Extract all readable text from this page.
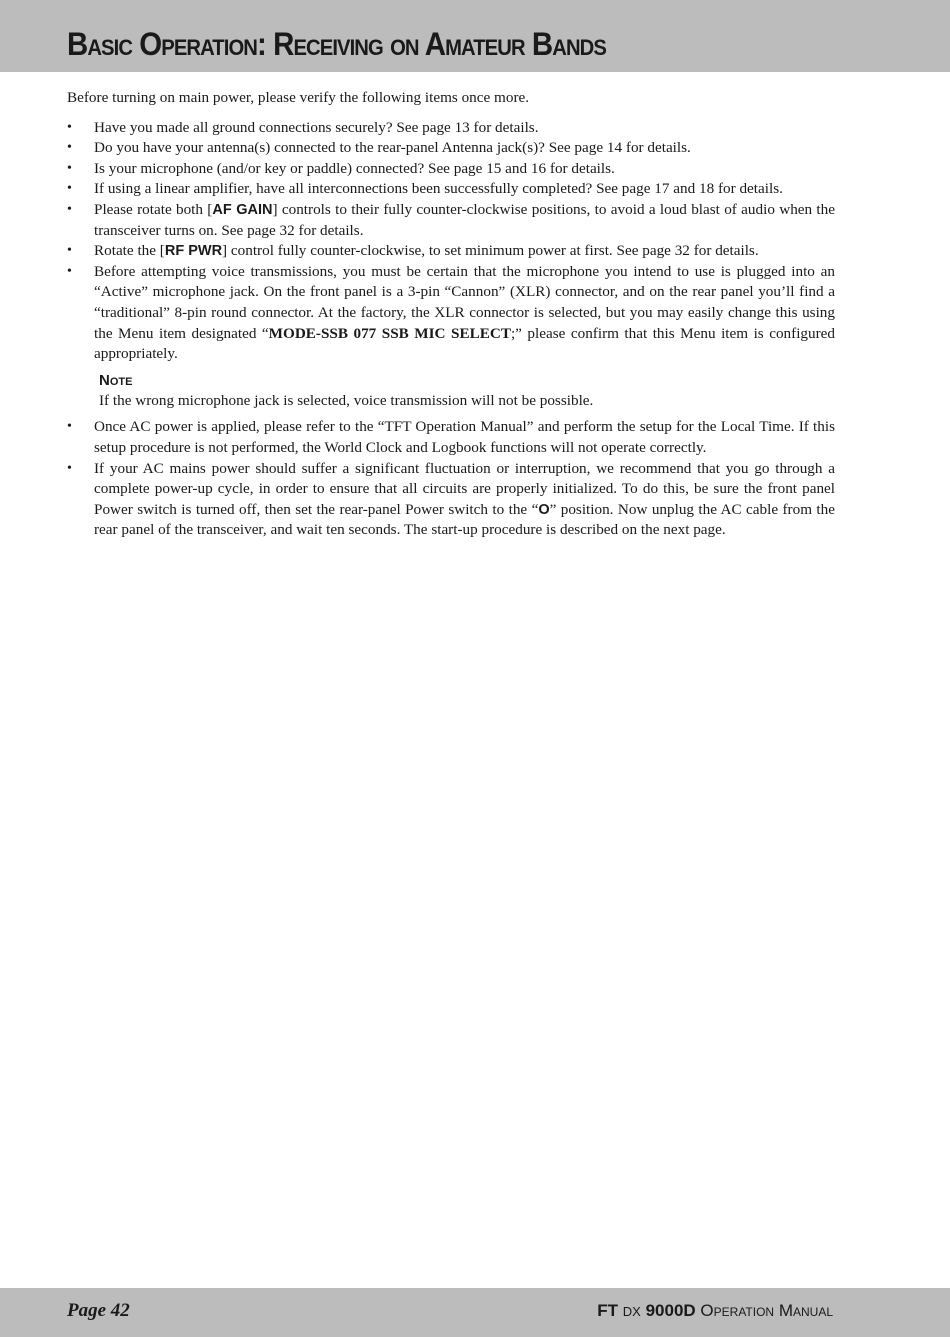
Basic Operation: Receiving on Amateur Bands

Before turning on main power, please verify the following items once more.

• Have you made all ground connections securely? See page 13 for details.
• Do you have your antenna(s) connected to the rear-panel Antenna jack(s)? See page 14 for details.
• Is your microphone (and/or key or paddle) connected? See page 15 and 16 for details.
• If using a linear amplifier, have all interconnections been successfully completed? See page 17 and 18 for details.
• Please rotate both [AF GAIN] controls to their fully counter-clockwise positions, to avoid a loud blast of audio when the transceiver turns on. See page 32 for details.
• Rotate the [RF PWR] control fully counter-clockwise, to set minimum power at first. See page 32 for details.
• Before attempting voice transmissions, you must be certain that the microphone you intend to use is plugged into an “Active” microphone jack. On the front panel is a 3-pin “Cannon” (XLR) connector, and on the rear panel you’ll find a “traditional” 8-pin round connector. At the factory, the XLR connector is selected, but you may easily change this using the Menu item designated “MODE-SSB 077 SSB MIC SELECT;” please confirm that this Menu item is configured appropriately.
Note
If the wrong microphone jack is selected, voice transmission will not be possible.
• Once AC power is applied, please refer to the “TFT Operation Manual” and perform the setup for the Local Time. If this setup procedure is not performed, the World Clock and Logbook functions will not operate correctly.
• If your AC mains power should suffer a significant fluctuation or interruption, we recommend that you go through a complete power-up cycle, in order to ensure that all circuits are properly initialized. To do this, be sure the front panel Power switch is turned off, then set the rear-panel Power switch to the “O” position. Now unplug the AC cable from the rear panel of the transceiver, and wait ten seconds. The start-up procedure is described on the next page.
Page 42	FT DX 9000D Operation Manual
